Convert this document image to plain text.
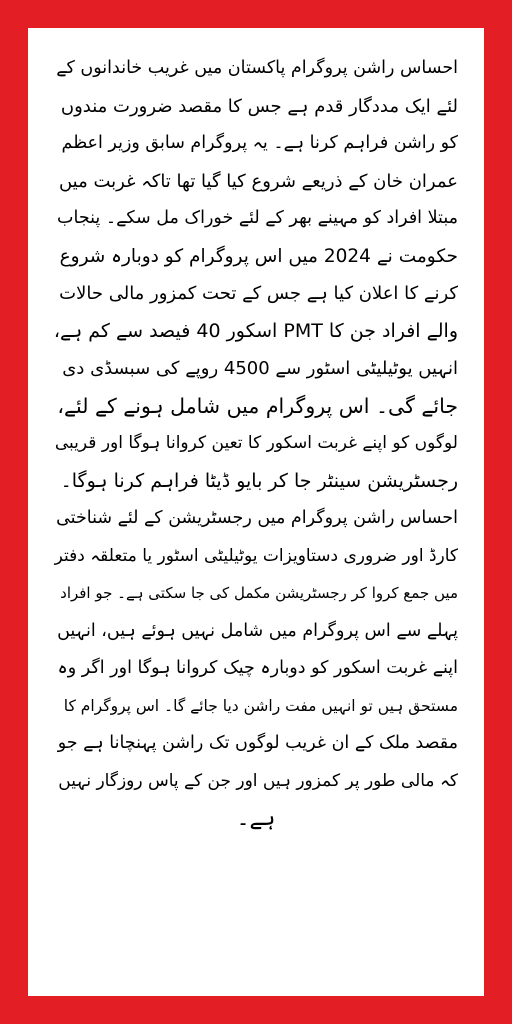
احساس راشن پروگرام پاکستان میں غریب خاندانوں کے
لئے ایک مددگار قدم ہے جس کا مقصد ضرورت مندوں
کو راشن فراہم کرنا ہے۔ یہ پروگرام سابق وزیر اعظم
عمران خان کے ذریعے شروع کیا گیا تھا تاکہ غربت میں
مبتلا افراد کو مہینے بھر کے لئے خوراک مل سکے۔ پنجاب
حکومت نے 2024 میں اس پروگرام کو دوبارہ شروع
کرنے کا اعلان کیا ہے جس کے تحت کمزور مالی حالات
والے افراد جن کا PMT اسکور 40 فیصد سے کم ہے،
انہیں یوٹیلیٹی اسٹور سے 4500 روپے کی سبسڈی دی
جائے گی۔ اس پروگرام میں شامل ہونے کے لئے،
لوگوں کو اپنے غربت اسکور کا تعین کروانا ہوگا اور قریبی
رجسٹریشن سینٹر جا کر بایو ڈیٹا فراہم کرنا ہوگا۔

احساس راشن پروگرام میں رجسٹریشن کے لئے شناختی
کارڈ اور ضروری دستاویزات یوٹیلیٹی اسٹور یا متعلقہ دفتر
میں جمع کروا کر رجسٹریشن مکمل کی جا سکتی ہے۔ جو افراد
پہلے سے اس پروگرام میں شامل نہیں ہوئے ہیں، انہیں
اپنے غربت اسکور کو دوبارہ چیک کروانا ہوگا اور اگر وہ
مستحق ہیں تو انہیں مفت راشن دیا جائے گا۔ اس پروگرام کا
مقصد ملک کے ان غریب لوگوں تک راشن پہنچانا ہے جو
کہ مالی طور پر کمزور ہیں اور جن کے پاس روزگار نہیں
ہے۔
